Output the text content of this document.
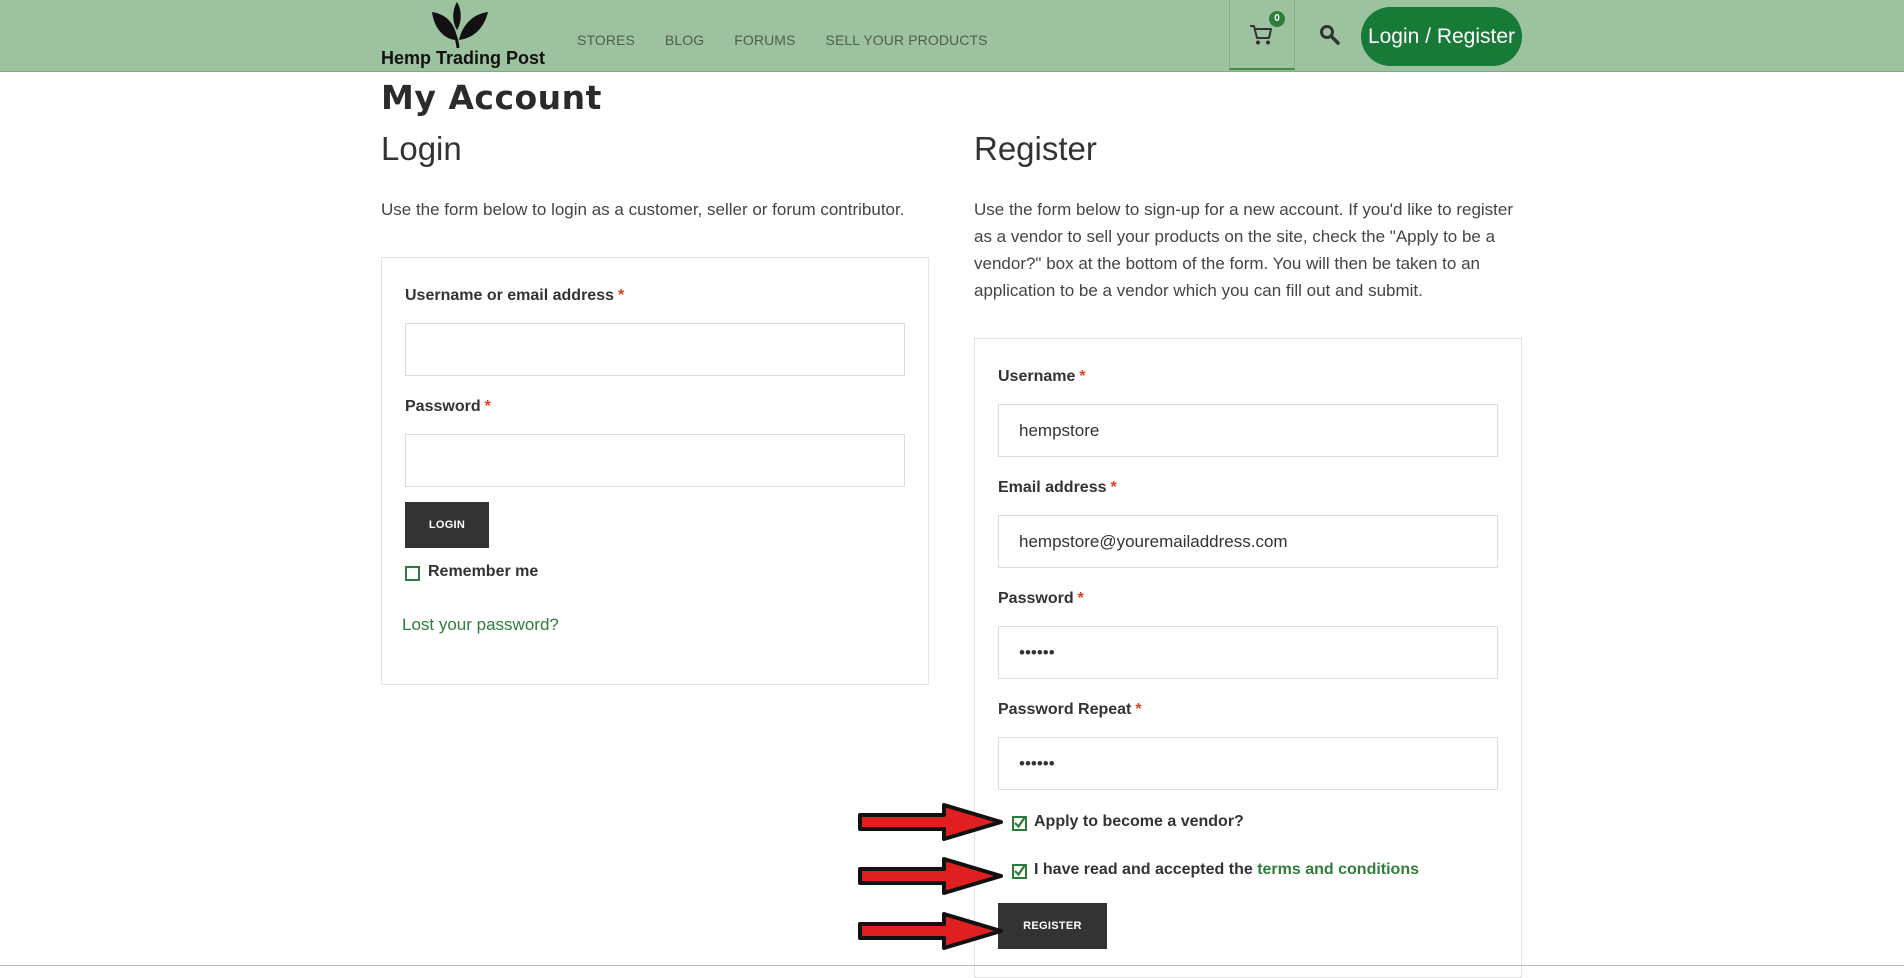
Hemp Trading Post
STORES BLOG FORUMS SELL YOUR PRODUCTS
0
Login / Register
My Account
Login
Use the form below to login as a customer, seller or forum contributor.
Username or email address *
Password *
LOGIN
Remember me
Lost your password?
Register
Use the form below to sign-up for a new account. If you'd like to register as a vendor to sell your products on the site, check the "Apply to be a vendor?" box at the bottom of the form. You will then be taken to an application to be a vendor which you can fill out and submit.
Username *
hempstore
Email address *
hempstore@youremailaddress.com
Password *
••••••
Password Repeat *
••••••
Apply to become a vendor?
I have read and accepted the terms and conditions
REGISTER
